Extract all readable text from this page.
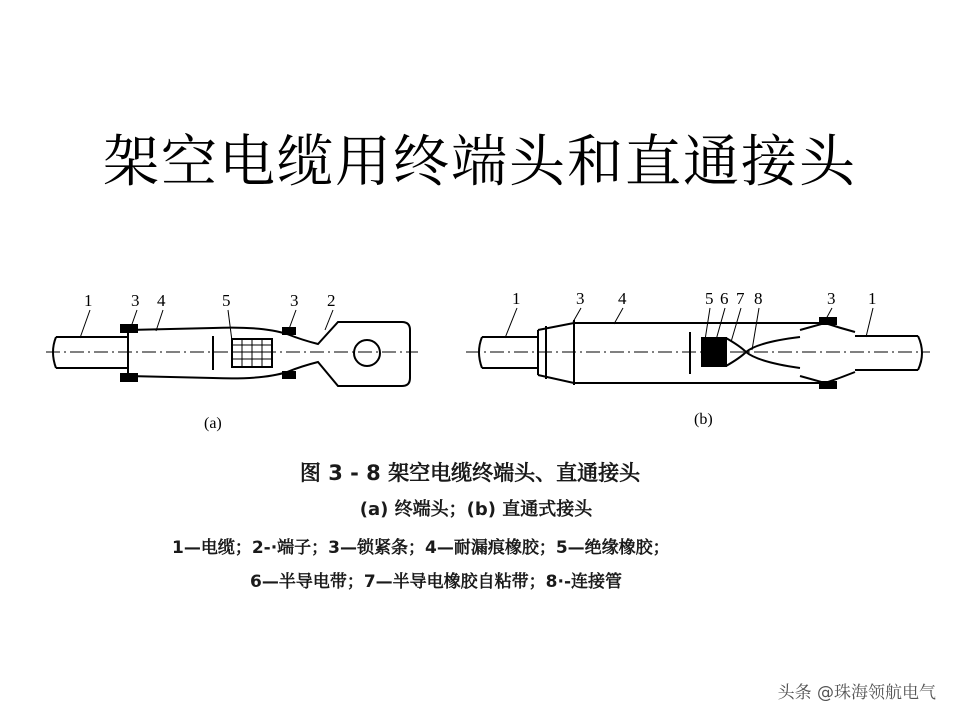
架空电缆用终端头和直通接头
1 3 4	5	3 2
(a)
1	3 4	5 6 7 8	3 1
(b)
图 3 - 8 架空电缆终端头、直通接头
(a) 终端头；(b) 直通式接头
1—电缆；2-·端子；3—锁紧条；4—耐漏痕橡胶；5—绝缘橡胶；
6—半导电带；7—半导电橡胶自粘带；8·-连接管
头条 @珠海领航电气
